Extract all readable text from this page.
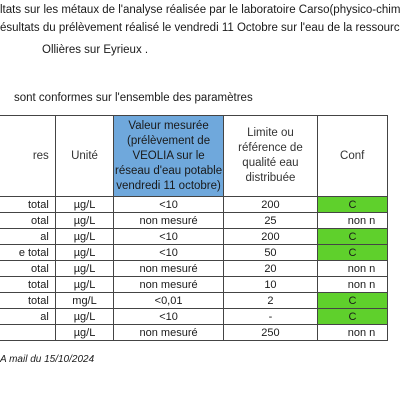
ltats sur les métaux de l'analyse réalisée par le laboratoire Carso(physico-chim
ésultats du prélèvement réalisé le vendredi 11 Octobre sur l'eau de la ressourc
Ollières sur Eyrieux .
sont conformes sur l'ensemble des paramètres
res	Unité	Valeur mesurée (prélèvement de VEOLIA sur le réseau d'eau potable vendredi 11 octobre)	Limite ou référence de qualité eau distribuée	Conf
total	µg/L	<10	200	C
otal	µg/L	non mesuré	25	non n
al	µg/L	<10	200	C
e total	µg/L	<10	50	C
otal	µg/L	non mesuré	20	non n
total	µg/L	non mesuré	10	non n
total	mg/L	<0,01	2	C
al	µg/L	<10	-	C
	µg/L	non mesuré	250	non n
A mail du 15/10/2024
